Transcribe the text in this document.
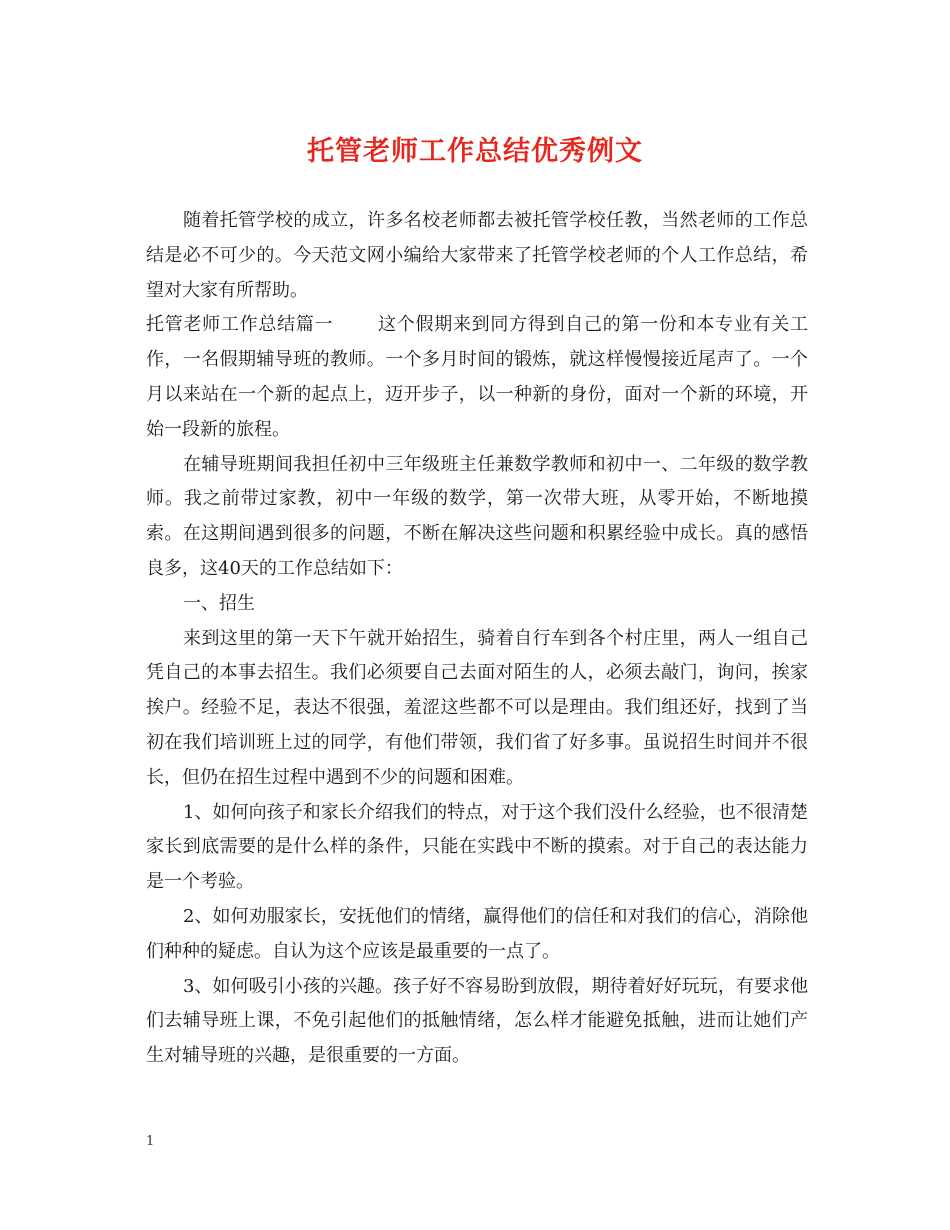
托管老师工作总结优秀例文

随着托管学校的成立，许多名校老师都去被托管学校任教，当然老师的工作总结是必不可少的。今天范文网小编给大家带来了托管学校老师的个人工作总结，希望对大家有所帮助。

托管老师工作总结篇一 这个假期来到同方得到自己的第一份和本专业有关工作，一名假期辅导班的教师。一个多月时间的锻炼，就这样慢慢接近尾声了。一个月以来站在一个新的起点上，迈开步子，以一种新的身份，面对一个新的环境，开始一段新的旅程。

在辅导班期间我担任初中三年级班主任兼数学教师和初中一、二年级的数学教师。我之前带过家教，初中一年级的数学，第一次带大班，从零开始，不断地摸索。在这期间遇到很多的问题，不断在解决这些问题和积累经验中成长。真的感悟良多，这40天的工作总结如下：

一、招生

来到这里的第一天下午就开始招生，骑着自行车到各个村庄里，两人一组自己凭自己的本事去招生。我们必须要自己去面对陌生的人，必须去敲门，询问，挨家挨户。经验不足，表达不很强，羞涩这些都不可以是理由。我们组还好，找到了当初在我们培训班上过的同学，有他们带领，我们省了好多事。虽说招生时间并不很长，但仍在招生过程中遇到不少的问题和困难。

1、如何向孩子和家长介绍我们的特点，对于这个我们没什么经验，也不很清楚家长到底需要的是什么样的条件，只能在实践中不断的摸索。对于自己的表达能力是一个考验。

2、如何劝服家长，安抚他们的情绪，赢得他们的信任和对我们的信心，消除他们种种的疑虑。自认为这个应该是最重要的一点了。

3、如何吸引小孩的兴趣。孩子好不容易盼到放假，期待着好好玩玩，有要求他们去辅导班上课，不免引起他们的抵触情绪，怎么样才能避免抵触，进而让她们产生对辅导班的兴趣，是很重要的一方面。

1
